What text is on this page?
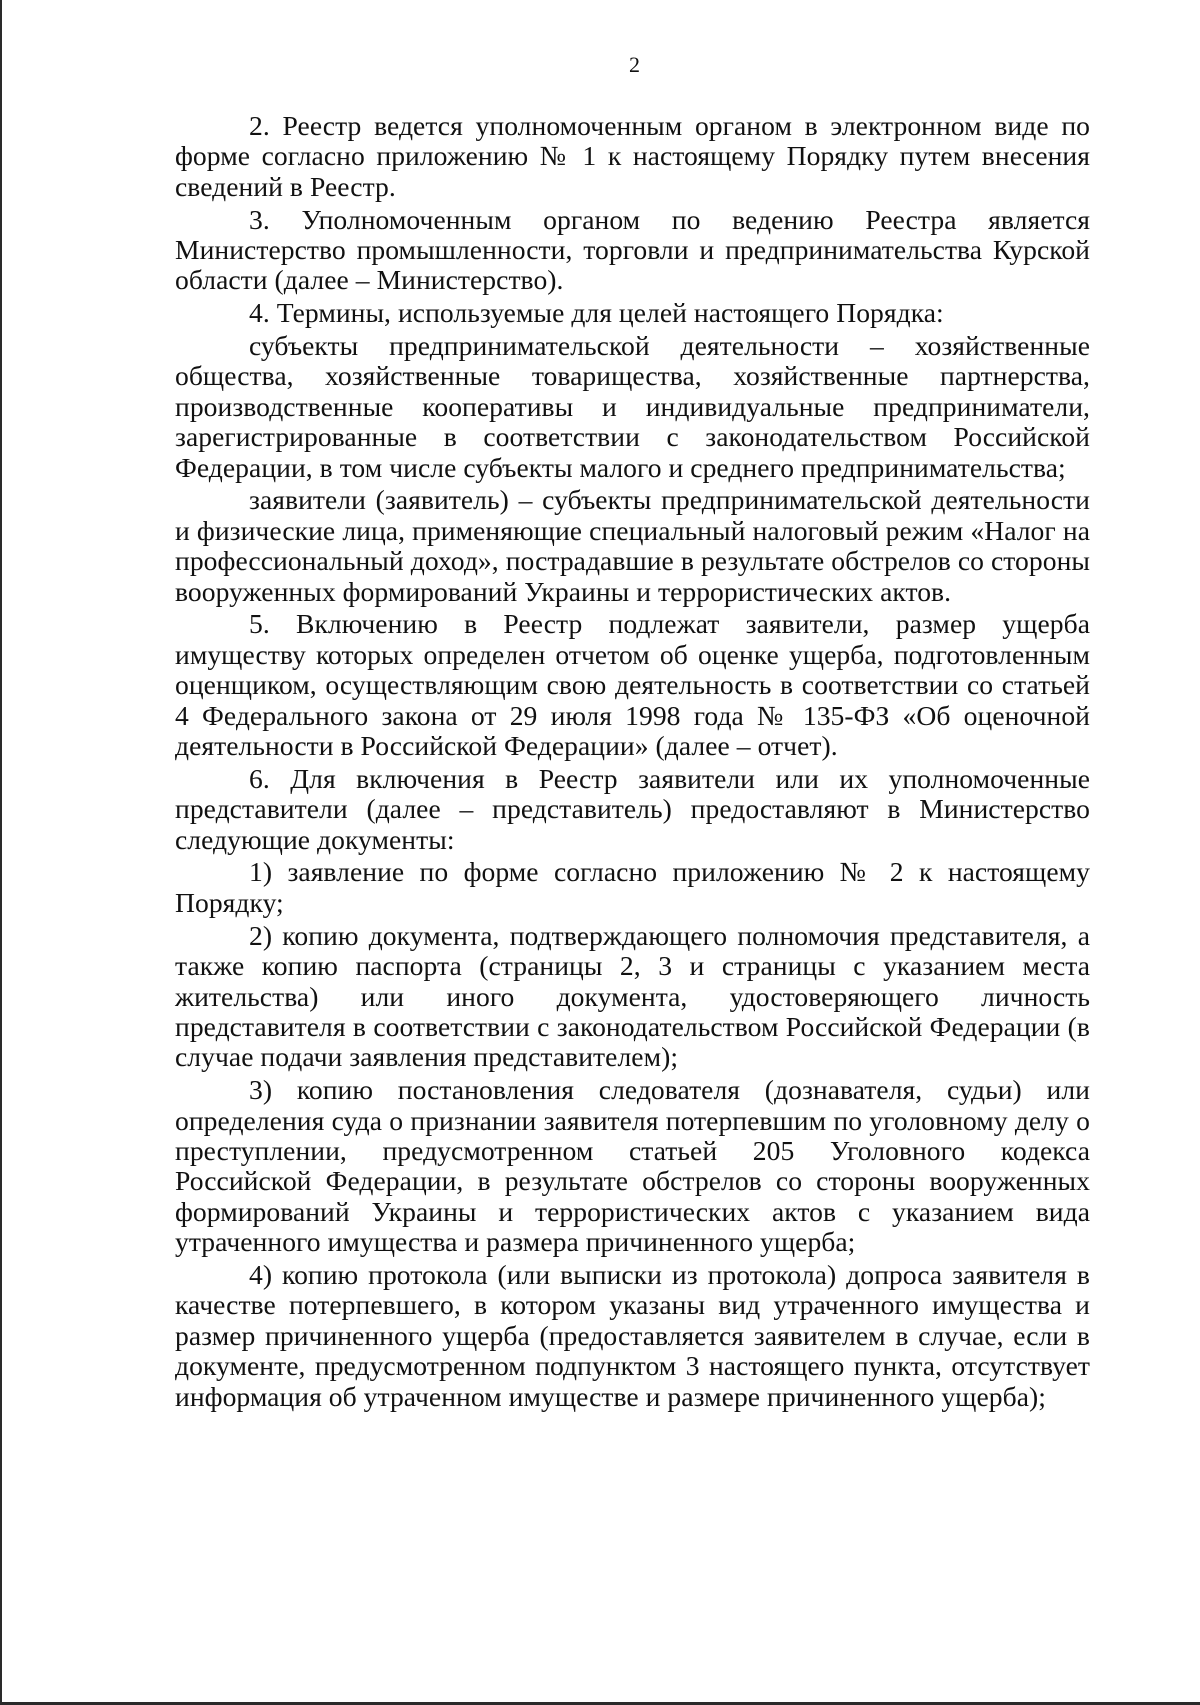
2

2. Реестр ведется уполномоченным органом в электронном виде по форме согласно приложению № 1 к настоящему Порядку путем внесения сведений в Реестр.

3. Уполномоченным органом по ведению Реестра является Министерство промышленности, торговли и предпринимательства Курской области (далее – Министерство).

4. Термины, используемые для целей настоящего Порядка:

субъекты предпринимательской деятельности – хозяйственные общества, хозяйственные товарищества, хозяйственные партнерства, производственные кооперативы и индивидуальные предприниматели, зарегистрированные в соответствии с законодательством Российской Федерации, в том числе субъекты малого и среднего предпринимательства;

заявители (заявитель) – субъекты предпринимательской деятельности и физические лица, применяющие специальный налоговый режим «Налог на профессиональный доход», пострадавшие в результате обстрелов со стороны вооруженных формирований Украины и террористических актов.

5. Включению в Реестр подлежат заявители, размер ущерба имуществу которых определен отчетом об оценке ущерба, подготовленным оценщиком, осуществляющим свою деятельность в соответствии со статьей 4 Федерального закона от 29 июля 1998 года № 135-ФЗ «Об оценочной деятельности в Российской Федерации» (далее – отчет).

6. Для включения в Реестр заявители или их уполномоченные представители (далее – представитель) предоставляют в Министерство следующие документы:

1) заявление по форме согласно приложению № 2 к настоящему Порядку;

2) копию документа, подтверждающего полномочия представителя, а также копию паспорта (страницы 2, 3 и страницы с указанием места жительства) или иного документа, удостоверяющего личность представителя в соответствии с законодательством Российской Федерации (в случае подачи заявления представителем);

3) копию постановления следователя (дознавателя, судьи) или определения суда о признании заявителя потерпевшим по уголовному делу о преступлении, предусмотренном статьей 205 Уголовного кодекса Российской Федерации, в результате обстрелов со стороны вооруженных формирований Украины и террористических актов с указанием вида утраченного имущества и размера причиненного ущерба;

4) копию протокола (или выписки из протокола) допроса заявителя в качестве потерпевшего, в котором указаны вид утраченного имущества и размер причиненного ущерба (предоставляется заявителем в случае, если в документе, предусмотренном подпунктом 3 настоящего пункта, отсутствует информация об утраченном имуществе и размере причиненного ущерба);
